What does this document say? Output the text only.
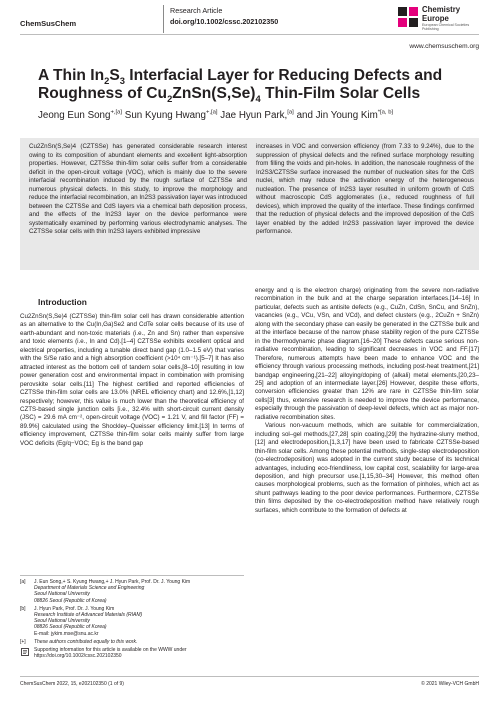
ChemSusChem
Research Article
doi.org/10.1002/cssc.202102350
Chemistry
Europe
European Chemical Societies Publishing
www.chemsuschem.org
A Thin $In_2S_3$ Interfacial Layer for Reducing Defects and Roughness of $Cu_2ZnSn(S,Se)_4$ Thin-Film Solar Cells
Jeong Eun Song$^{+,[a]}$ Sun Kyung Hwang$^{+,[a]}$ Jae Hyun Park,[a] and Jin Young Kim$^{*[a, b]}$
Cu2ZnSn(S,Se)4 (CZTSSe) has generated considerable research interest owing to its composition of abundant elements and excellent light-absorption properties. However, CZTSSe thin-film solar cells suffer from a considerable deficit in the open-circuit voltage (VOC), which is mainly due to the severe interfacial recombination induced by the rough surface of CZTSSe and numerous physical defects. In this study, to improve the morphology and reduce the interfacial recombination, an In2S3 passivation layer was introduced between the CZTSSe and CdS layers via a chemical bath deposition process, and the effects of the In2S3 layer on the device performance were systematically examined by performing various electrodynamic analyses. The CZTSSe solar cells with thin In2S3 layers exhibited impressive
increases in VOC and conversion efficiency (from 7.33 to 9.24%), due to the suppression of physical defects and the refined surface morphology resulting from filling the voids and pin-holes. In addition, the nanoscale roughness of the In2S3/CZTSSe surface increased the number of nucleation sites for the CdS nuclei, which may reduce the activation energy of the heterogeneous nucleation. The presence of In2S3 layer resulted in uniform growth of CdS without macroscopic CdS agglomerates (i.e., reduced roughness of full devices), which improved the quality of the interface. These findings confirmed that the reduction of physical defects and the improved deposition of the CdS layer enabled by the added In2S3 passivation layer improved the device performance.
Introduction

Cu2ZnSn(S,Se)4 (CZTSSe) thin-film solar cell has drawn considerable attention as an alternative to the Cu(In,Ga)Se2 and CdTe solar cells because of its use of earth-abundant and non-toxic materials (i.e., Zn and Sn) rather than expensive and toxic elements (i.e., In and Cd).[1–4] CZTSSe exhibits excellent optical and electrical properties, including a tunable direct band gap (1.0–1.5 eV) that varies with the S/Se ratio and a high absorption coefficient (>10⁴ cm⁻¹).[5–7] It has also attracted interest as the bottom cell of tandem solar cells,[8–10] resulting in low power generation cost and environmental impact in combination with promising perovskite solar cells.[11] The highest certified and reported efficiencies of CZTSSe thin-film solar cells are 13.0% (NREL efficiency chart) and 12.6%,[1,12] respectively; however, this value is much lower than the theoretical efficiency of CZTS-based single junction cells [i.e., 32.4% with short-circuit current density (JSC) = 29.6 mA cm⁻², open-circuit voltage (VOC) = 1.21 V, and fill factor (FF) = 89.9%] calculated using the Shockley–Queisser efficiency limit.[13] In terms of efficiency improvement, CZTSSe thin-film solar cells mainly suffer from large VOC deficits (Eg/q−VOC; Eg is the band gap

energy and q is the electron charge) originating from the severe non-radiative recombination in the bulk and at the charge separation interfaces.[14–16] In particular, defects such as antisite defects (e.g., CuZn, CdSn, SnCu, and SnZn), vacancies (e.g., VCu, VSn, and VCd), and defect clusters (e.g., 2CuZn + SnZn) along with the secondary phase can easily be generated in the CZTSSe bulk and at the interface because of the narrow phase stability region of the pure CZTSSe in the thermodynamic phase diagram.[16–20] These defects cause serious non-radiative recombination, leading to significant decreases in VOC and FF.[17] Therefore, numerous attempts have been made to enhance VOC and the efficiency through various processing methods, including post-heat treatment,[21] bandgap engineering,[21–22] alloying/doping of (alkali) metal elements,[20,23–25] and adoption of an intermediate layer.[26] However, despite these efforts, conversion efficiencies greater than 12% are rare in CZTSSe thin-film solar cells[3] thus, extensive research is needed to improve the device performance, especially through the passivation of deep-level defects, which act as major non-radiative recombination sites.

Various non-vacuum methods, which are suitable for commercialization, including sol–gel methods,[27,28] spin coating,[29] the hydrazine-slurry method,[12] and electrodeposition,[1,3,17] have been used to fabricate CZTSSe-based thin-film solar cells. Among these potential methods, single-step electrodeposition (co-electrodeposition) was adopted in the current study because of its technical advantages, including eco-friendliness, low capital cost, scalability for large-area deposition, and high precursor use.[1,15,30–34] However, this method often causes morphological problems, such as the formation of pinholes, which act as shunt pathways leading to the poor device performances. Furthermore, CZTSSe thin films deposited by the co-electrodeposition method have relatively rough surfaces, which contribute to the formation of defects at

[a] J. Eun Song,+ S. Kyung Hwang,+ J. Hyun Park, Prof. Dr. J. Young Kim
Department of Materials Science and Engineering
Seoul National University
08826 Seoul (Republic of Korea)
[b] J. Hyun Park, Prof. Dr. J. Young Kim
Research Institute of Advanced Materials (RIAM)
Seoul National University
08826 Seoul (Republic of Korea)
E-mail: jykim.mse@snu.ac.kr
[+] These authors contributed equally to this work.
Supporting information for this article is available on the WWW under https://doi.org/10.1002/cssc.202102350
ChemSusChem 2022, 15, e202102350 (1 of 9)	© 2021 Wiley-VCH GmbH
